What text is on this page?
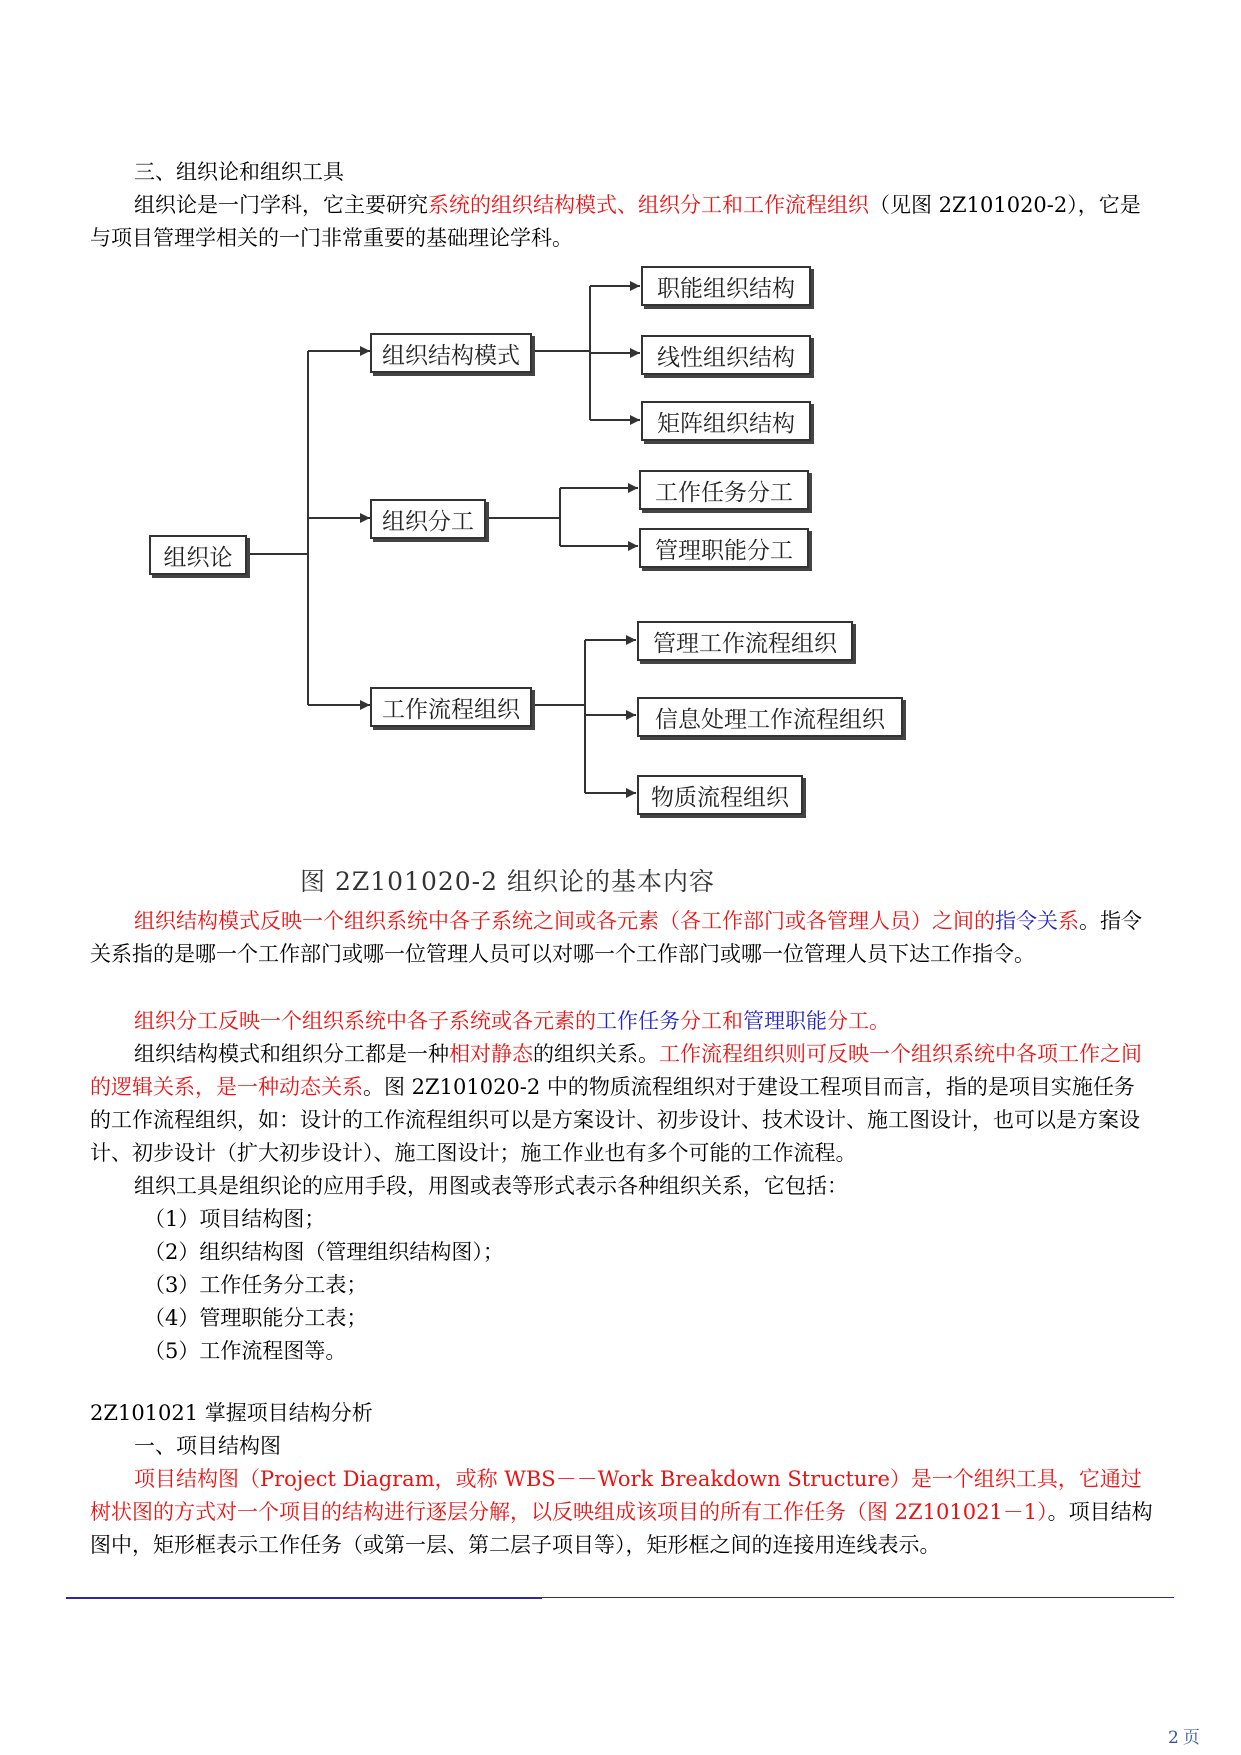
三、组织论和组织工具
组织论是一门学科，它主要研究系统的组织结构模式、组织分工和工作流程组织（见图 2Z101020-2），它是与项目管理学相关的一门非常重要的基础理论学科。
组织论
组织结构模式
组织分工
工作流程组织
职能组织结构
线性组织结构
矩阵组织结构
工作任务分工
管理职能分工
管理工作流程组织
信息处理工作流程组织
物质流程组织
图 2Z101020-2 组织论的基本内容
组织结构模式反映一个组织系统中各子系统之间或各元素（各工作部门或各管理人员）之间的指令关系。指令关系指的是哪一个工作部门或哪一位管理人员可以对哪一个工作部门或哪一位管理人员下达工作指令。
组织分工反映一个组织系统中各子系统或各元素的工作任务分工和管理职能分工。
组织结构模式和组织分工都是一种相对静态的组织关系。工作流程组织则可反映一个组织系统中各项工作之间的逻辑关系，是一种动态关系。图 2Z101020-2 中的物质流程组织对于建设工程项目而言，指的是项目实施任务的工作流程组织，如：设计的工作流程组织可以是方案设计、初步设计、技术设计、施工图设计，也可以是方案设计、初步设计（扩大初步设计）、施工图设计；施工作业也有多个可能的工作流程。
组织工具是组织论的应用手段，用图或表等形式表示各种组织关系，它包括：
（1）项目结构图；
（2）组织结构图（管理组织结构图）；
（3）工作任务分工表；
（4）管理职能分工表；
（5）工作流程图等。
2Z101021 掌握项目结构分析
一、项目结构图
项目结构图（Project Diagram，或称 WBS－－Work Breakdown Structure）是一个组织工具，它通过树状图的方式对一个项目的结构进行逐层分解，以反映组成该项目的所有工作任务（图 2Z101021－1）。项目结构图中，矩形框表示工作任务（或第一层、第二层子项目等），矩形框之间的连接用连线表示。
2 页
